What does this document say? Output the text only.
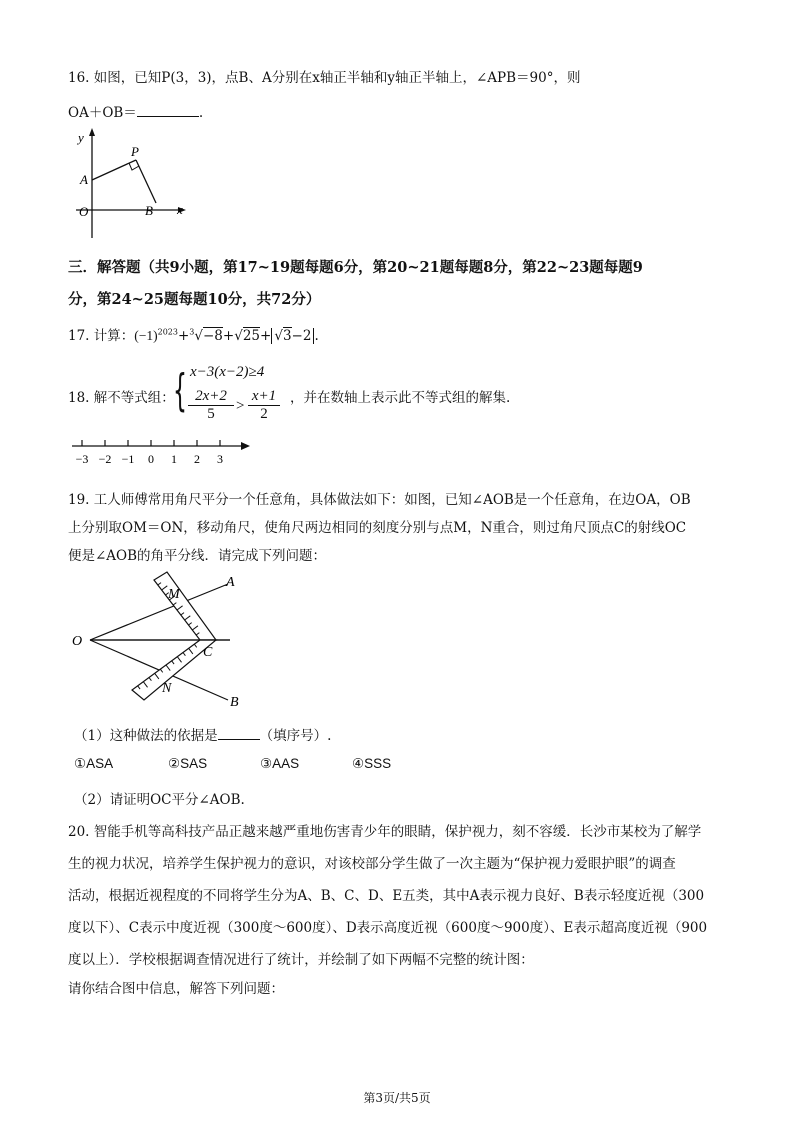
16. 如图，已知P(3，3)，点B、A分别在x轴正半轴和y轴正半轴上，∠APB＝90°，则
OA＋OB＝	.
y
x
P
A
O	B
三．解答题（共9小题，第17~19题每题6分，第20~21题每题8分，第22~23题每题9
分，第24~25题每题10分，共72分）
17. 计算：$(-1)^{2023}+^3√-8+√25+ √3-2$ .
18. 解不等式组：
{ x−3(x−2)≥4
$\frac{2x+2}{5} > \frac{x+1}{2}$ ，并在数轴上表示此不等式组的解集.
−3 −2 −1 0 1 2 3
19. 工人师傅常用角尺平分一个任意角，具体做法如下：如图，已知∠AOB是一个任意角，在边OA，OB
上分别取OM＝ON，移动角尺，使角尺两边相同的刻度分别与点M，N重合，则过角尺顶点C的射线OC
便是∠AOB的角平分线．请完成下列问题：
O
A
B
M
N
C
（1）这种做法的依据是	（填序号）.
①ASA	②SAS	③AAS	④SSS
（2）请证明OC平分∠AOB.
20. 智能手机等高科技产品正越来越严重地伤害青少年的眼睛，保护视力，刻不容缓．长沙市某校为了解学
生的视力状况，培养学生保护视力的意识，对该校部分学生做了一次主题为“保护视力爱眼护眼”的调查
活动，根据近视程度的不同将学生分为A、B、C、D、E五类，其中A表示视力良好、B表示轻度近视（300
度以下）、C表示中度近视（300度～600度）、D表示高度近视（600度～900度）、E表示超高度近视（900
度以上）．学校根据调查情况进行了统计，并绘制了如下两幅不完整的统计图：
请你结合图中信息，解答下列问题：
第3页/共5页
